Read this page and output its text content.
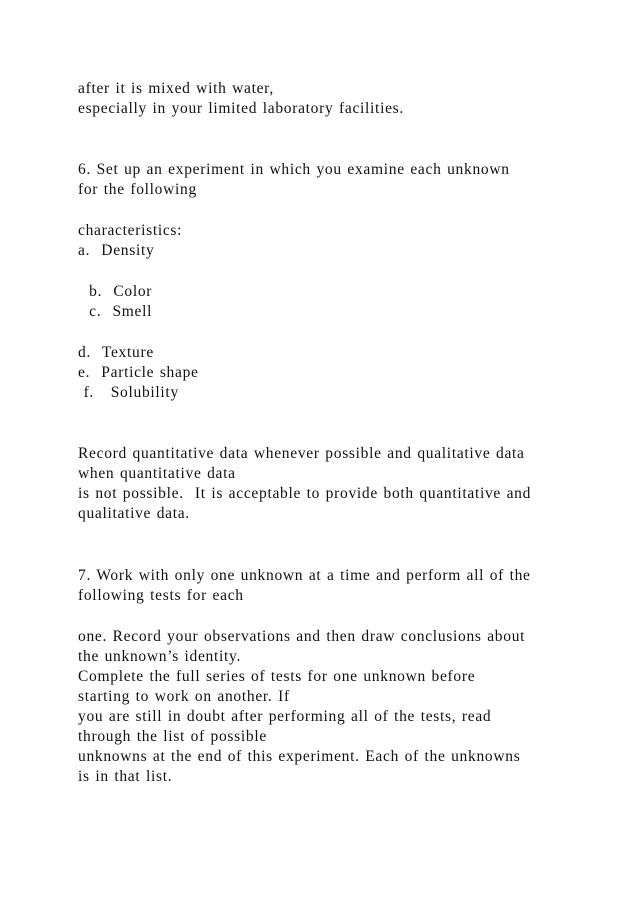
after it is mixed with water,
especially in your limited laboratory facilities.
6. Set up an experiment in which you examine each unknown
for the following
characteristics:
a.  Density
b.  Color
c.  Smell
d.  Texture
e.  Particle shape
f.   Solubility
Record quantitative data whenever possible and qualitative data
when quantitative data
is not possible.  It is acceptable to provide both quantitative and
qualitative data.
7. Work with only one unknown at a time and perform all of the
following tests for each
one. Record your observations and then draw conclusions about
the unknown’s identity.
Complete the full series of tests for one unknown before
starting to work on another. If
you are still in doubt after performing all of the tests, read
through the list of possible
unknowns at the end of this experiment. Each of the unknowns
is in that list.
